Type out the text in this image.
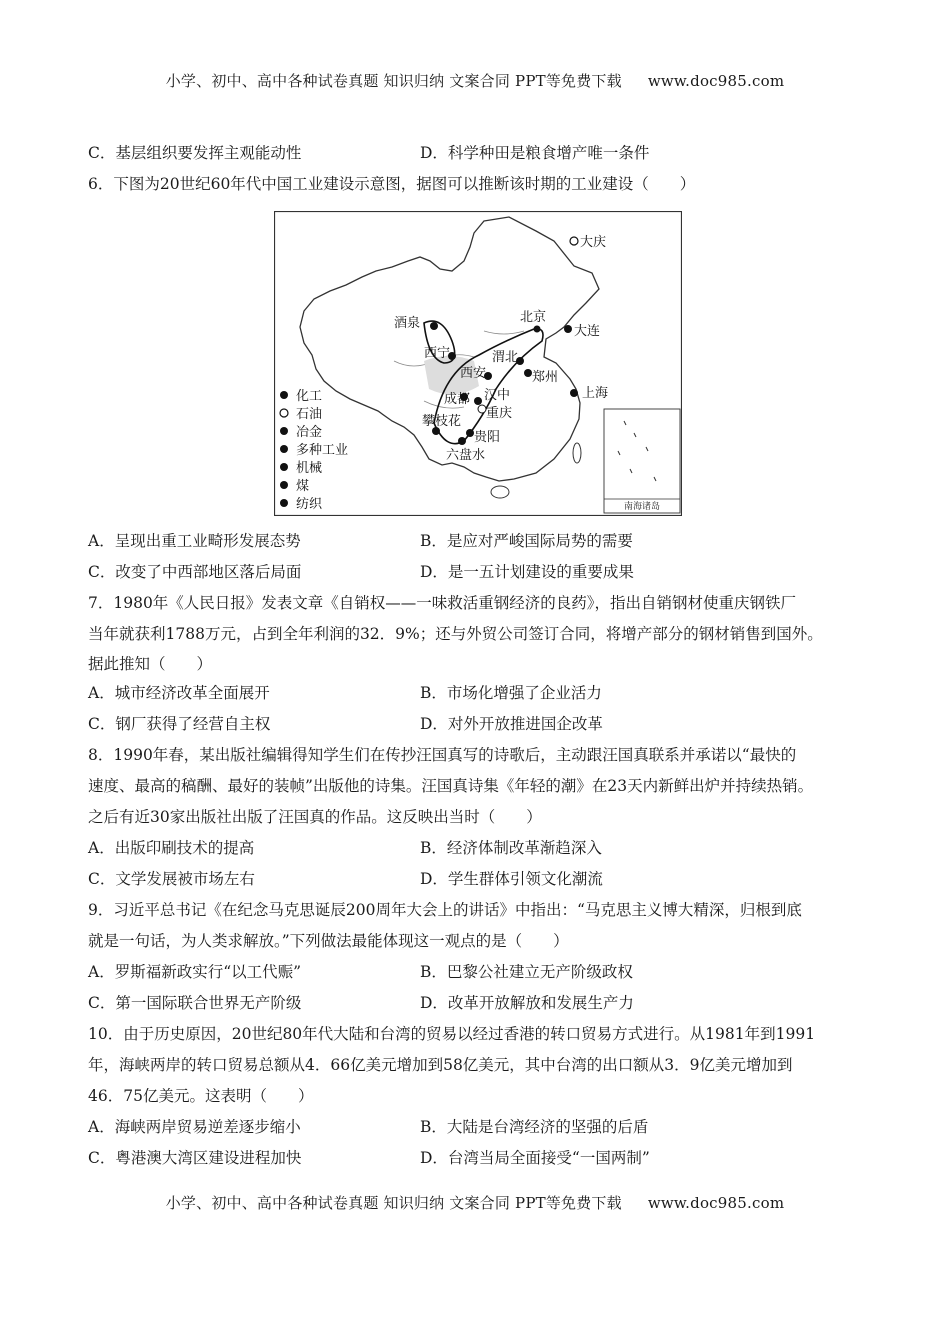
小学、初中、高中各种试卷真题 知识归纳 文案合同 PPT等免费下载 www.doc985.com
C．基层组织要发挥主观能动性	D．科学种田是粮食增产唯一条件
6．下图为20世纪60年代中国工业建设示意图，据图可以推断该时期的工业建设（　　）
南海诸岛
大庆
北京
大连
酒泉
西宁	渭北
西安	郑州
上海
成都 汉中
攀枝花
重庆
贵阳
六盘水
化工
石油
冶金
多种工业
机械
煤
纺织
A．呈现出重工业畸形发展态势	B．是应对严峻国际局势的需要
C．改变了中西部地区落后局面	D．是一五计划建设的重要成果
7．1980年《人民日报》发表文章《自销权——一味救活重钢经济的良药》，指出自销钢材使重庆钢铁厂
当年就获利1788万元，占到全年利润的32．9%；还与外贸公司签订合同，将增产部分的钢材销售到国外。
据此推知（　　）
A．城市经济改革全面展开	B．市场化增强了企业活力
C．钢厂获得了经营自主权	D．对外开放推进国企改革
8．1990年春，某出版社编辑得知学生们在传抄汪国真写的诗歌后，主动跟汪国真联系并承诺以“最快的
速度、最高的稿酬、最好的装帧”出版他的诗集。汪国真诗集《年轻的潮》在23天内新鲜出炉并持续热销。
之后有近30家出版社出版了汪国真的作品。这反映出当时（　　）
A．出版印刷技术的提高	B．经济体制改革渐趋深入
C．文学发展被市场左右	D．学生群体引领文化潮流
9．习近平总书记《在纪念马克思诞辰200周年大会上的讲话》中指出：“马克思主义博大精深，归根到底
就是一句话，为人类求解放。”下列做法最能体现这一观点的是（　　）
A．罗斯福新政实行“以工代赈”	B．巴黎公社建立无产阶级政权
C．第一国际联合世界无产阶级	D．改革开放解放和发展生产力
10．由于历史原因，20世纪80年代大陆和台湾的贸易以经过香港的转口贸易方式进行。从1981年到1991
年，海峡两岸的转口贸易总额从4．66亿美元增加到58亿美元，其中台湾的出口额从3．9亿美元增加到
46．75亿美元。这表明（　　）
A．海峡两岸贸易逆差逐步缩小	B．大陆是台湾经济的坚强的后盾
C．粤港澳大湾区建设进程加快	D．台湾当局全面接受“一国两制”
小学、初中、高中各种试卷真题 知识归纳 文案合同 PPT等免费下载 www.doc985.com
